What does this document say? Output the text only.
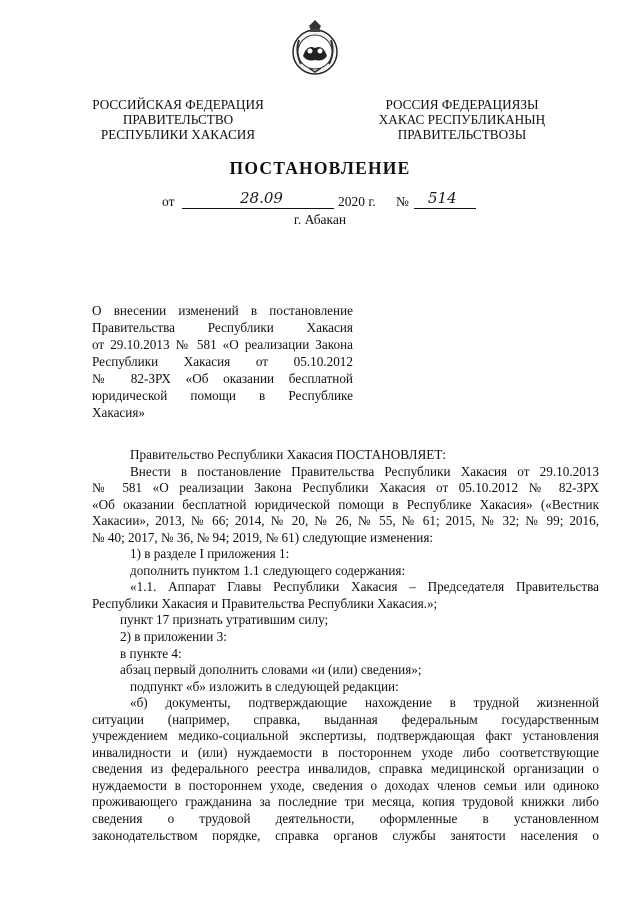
РОССИЙСКАЯ ФЕДЕРАЦИЯ
ПРАВИТЕЛЬСТВО
РЕСПУБЛИКИ ХАКАСИЯ
РОССИЯ ФЕДЕРАЦИЯЗЫ
ХАКАС РЕСПУБЛИКАНЫҢ
ПРАВИТЕЛЬСТВОЗЫ
ПОСТАНОВЛЕНИЕ
от	28.09	2020 г. № 514
г. Абакан
О внесении изменений в постановление
Правительства Республики Хакасия
от 29.10.2013 № 581 «О реализации Закона
Республики Хакасия от 05.10.2012
№ 82-ЗРХ «Об оказании бесплатной
юридической помощи в Республике
Хакасия»
Правительство Республики Хакасия ПОСТАНОВЛЯЕТ:
Внести в постановление Правительства Республики Хакасия от 29.10.2013
№ 581 «О реализации Закона Республики Хакасия от 05.10.2012 № 82-ЗРХ
«Об оказании бесплатной юридической помощи в Республике Хакасия» («Вестник
Хакасии», 2013, № 66; 2014, № 20, № 26, № 55, № 61; 2015, № 32; № 99; 2016,
№ 40; 2017, № 36, № 94; 2019, № 61) следующие изменения:
1) в разделе I приложения 1:
дополнить пунктом 1.1 следующего содержания:
«1.1. Аппарат Главы Республики Хакасия – Председателя Правительства
Республики Хакасия и Правительства Республики Хакасия.»;
пункт 17 признать утратившим силу;
2) в приложении 3:
в пункте 4:
абзац первый дополнить словами «и (или) сведения»;
подпункт «б» изложить в следующей редакции:
«б) документы, подтверждающие нахождение в трудной жизненной
ситуации (например, справка, выданная федеральным государственным
учреждением медико-социальной экспертизы, подтверждающая факт установления
инвалидности и (или) нуждаемости в постороннем уходе либо соответствующие
сведения из федерального реестра инвалидов, справка медицинской организации о
нуждаемости в постороннем уходе, сведения о доходах членов семьи или одиноко
проживающего гражданина за последние три месяца, копия трудовой книжки либо
сведения о трудовой деятельности, оформленные в установленном
законодательством порядке, справка органов службы занятости населения о
